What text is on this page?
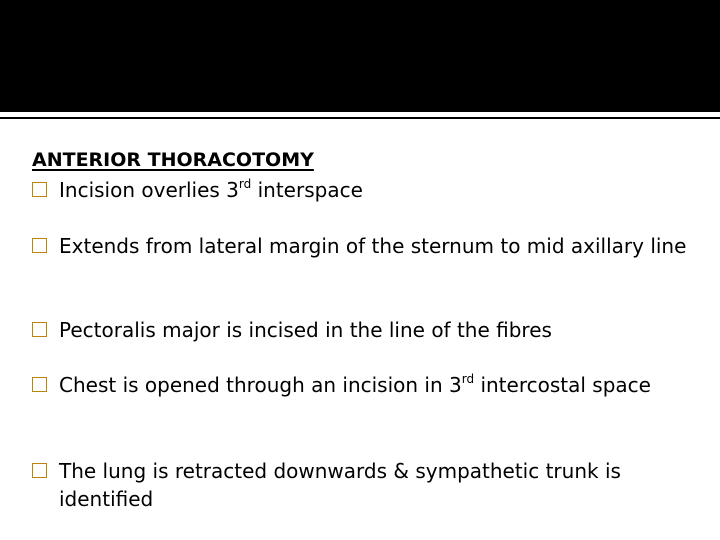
ANTERIOR THORACOTOMY
Incision overlies 3rd interspace
Extends from lateral margin of the sternum to mid axillary line
Pectoralis major is incised in the line of the fibres
Chest is opened through an incision in 3rd intercostal space
The lung is retracted downwards & sympathetic trunk is identified
